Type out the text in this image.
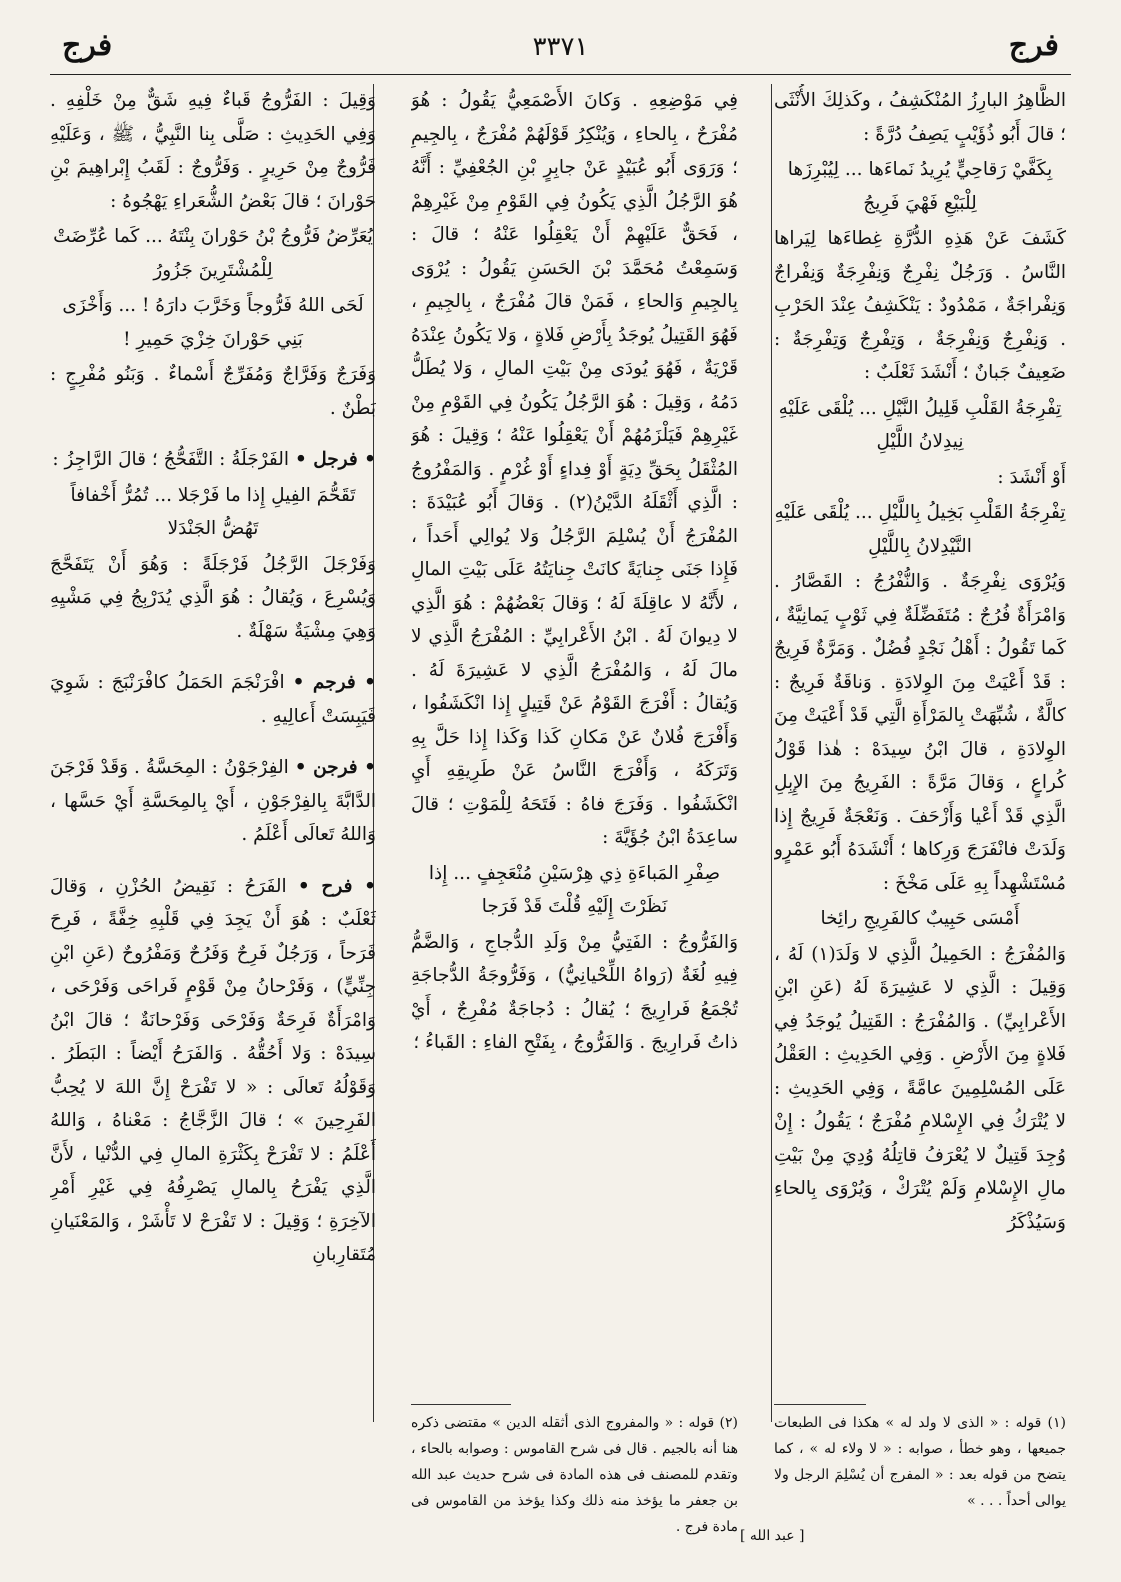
فرج
٣٣٧١
فرج

الظَّاهِرُ البارِزُ المُنْكَشِفُ ، وكَذلِكَ الأُنْثَى ؛ قالَ أَبُو ذُؤَيْبٍ يَصِفُ دُرَّةً :

بِكَفَّيْ رَقاحِيٍّ يُرِيدُ نَماءَها ... لِيُبْرِزَها لِلْبَيْعِ فَهْيَ فَرِيجُ

كَشَفَ عَنْ هَذِهِ الدُّرَّةِ غِطاءَها لِيَراها النَّاسُ . وَرَجُلٌ نِفْرِجٌ وَنِفْرِجَةٌ وَنِفْراجٌ وَنِفْراجَةٌ ، مَمْدُودٌ : يَنْكَشِفُ عِنْدَ الحَرْبِ . وَنِفْرِجٌ وَنِفْرِجَةٌ ، وَتِفْرِجٌ وَتِفْرِجَةٌ : ضَعِيفٌ جَبانٌ ؛ أَنْشَدَ ثَعْلَبٌ :

تِفْرِجَةُ القَلْبِ قَلِيلُ النَّيْلِ ... يُلْقَى عَلَيْهِ نِيدِلانُ اللَّيْلِ

أَوْ أَنْشَدَ :

تِفْرِجَةُ القَلْبِ بَخِيلُ بِاللَّيْلِ ... يُلْقَى عَلَيْهِ النَّيْدِلانُ بِاللَّيْلِ

وَيُرْوَى نِفْرِجَةٌ . وَالنُّفْرُجُ : القَصَّارُ . وَامْرَأَةٌ فُرُجٌ : مُتَفَضِّلَةٌ فِي ثَوْبٍ يَمانِيَّةٌ ، كَما تَقُولُ : أَهْلُ نَجْدٍ فُضُلٌ . وَمَرَّةٌ فَرِيجٌ : قَدْ أَعْيَتْ مِنَ الوِلادَةِ . وَناقَةٌ فَرِيجٌ : كالَّةٌ ، شُبِّهَتْ بِالمَرْأَةِ الَّتِي قَدْ أَعْيَتْ مِنَ الوِلادَةِ ، قالَ ابْنُ سِيدَهْ : هٰذا قَوْلُ كُراعٍ ، وَقالَ مَرَّةً : الفَرِيجُ مِنَ الإِبِلِ الَّذِي قَدْ أَعْيا وَأَزْحَفَ . وَنَعْجَةٌ فَرِيجٌ إِذا وَلَدَتْ فانْفَرَجَ وَرِكاها ؛ أَنْشَدَهُ أَبُو عَمْرٍو مُسْتَشْهِداً بِهِ عَلَى مَخْخَ :

أَمْسَى حَبِيبٌ كالفَرِيجِ رائِخا

وَالمُفْرَجُ : الحَمِيلُ الَّذِي لا وَلَدَ(١) لَهُ ، وَقِيلَ : الَّذِي لا عَشِيرَةَ لَهُ (عَنِ ابْنِ الأَعْرابِيِّ) . وَالمُفْرَجُ : القَتِيلُ يُوجَدُ فِي فَلاةٍ مِنَ الأَرْضِ . وَفِي الحَدِيثِ : العَقْلُ عَلَى المُسْلِمِينَ عامَّةً ، وَفِي الحَدِيثِ : لا يُتْرَكُ فِي الإِسْلامِ مُفْرَجٌ ؛ يَقُولُ : إِنْ وُجِدَ قَتِيلٌ لا يُعْرَفُ قاتِلُهُ وُدِيَ مِنْ بَيْتِ مالِ الإِسْلامِ وَلَمْ يُتْرَكْ ، وَيُرْوَى بِالحاءِ وَسَيُذْكَرُ

فِي مَوْضِعِهِ . وَكانَ الأَصْمَعِيُّ يَقُولُ : هُوَ مُفْرَحٌ ، بِالحاءِ ، وَيُنْكِرُ قَوْلَهُمْ مُفْرَجٌ ، بِالجِيمِ ؛ وَرَوَى أَبُو عُبَيْدٍ عَنْ جابِرٍ بْنِ الجُعْفِيِّ : أَنَّهُ هُوَ الرَّجُلُ الَّذِي يَكُونُ فِي القَوْمِ مِنْ غَيْرِهِمْ ، فَحَقٌّ عَلَيْهِمْ أَنْ يَعْقِلُوا عَنْهُ ؛ قالَ : وَسَمِعْتُ مُحَمَّدَ بْنَ الحَسَنِ يَقُولُ : يُرْوَى بِالجِيمِ وَالحاءِ ، فَمَنْ قالَ مُفْرَجٌ ، بِالجِيمِ ، فَهُوَ القَتِيلُ يُوجَدُ بِأَرْضِ فَلاةٍ ، وَلا يَكُونُ عِنْدَهُ قَرْيَةٌ ، فَهُوَ يُودَى مِنْ بَيْتِ المالِ ، وَلا يُطَلُّ دَمُهُ ، وَقِيلَ : هُوَ الرَّجُلُ يَكُونُ فِي القَوْمِ مِنْ غَيْرِهِمْ فَيَلْزَمُهُمْ أَنْ يَعْقِلُوا عَنْهُ ؛ وَقِيلَ : هُوَ المُثْقَلُ بِحَقِّ دِيَةٍ أَوْ فِداءٍ أَوْ غُرْمٍ . وَالمَفْرُوجُ : الَّذِي أَثْقَلَهُ الدَّيْنُ(٢) . وَقالَ أَبُو عُبَيْدَةَ : المُفْرَجُ أَنْ يُسْلِمَ الرَّجُلُ وَلا يُوالِي أَحَداً ، فَإِذا جَنَى جِنايَةً كانَتْ جِنايَتُهُ عَلَى بَيْتِ المالِ ، لأَنَّهُ لا عاقِلَةَ لَهُ ؛ وَقالَ بَعْضُهُمْ : هُوَ الَّذِي لا دِيوانَ لَهُ . ابْنُ الأَعْرابِيِّ : المُفْرَجُ الَّذِي لا مالَ لَهُ ، وَالمُفْرَجُ الَّذِي لا عَشِيرَةَ لَهُ . وَيُقالُ : أَفْرَجَ القَوْمُ عَنْ قَتِيلٍ إِذا انْكَشَفُوا ، وَأَفْرَجَ فُلانٌ عَنْ مَكانِ كَذا وَكَذا إِذا حَلَّ بِهِ وَتَرَكَهُ ، وَأَفْرَجَ النَّاسُ عَنْ طَرِيقِهِ أَيِ انْكَشَفُوا . وَفَرَجَ فاهُ : فَتَحَهُ لِلْمَوْتِ ؛ قالَ ساعِدَةُ ابْنُ جُؤَيَّةَ :

صِفْرِ المَباءَةِ ذِي هِرْسَيْنِ مُنْعَجِفٍ ... إِذا نَظَرْتَ إِلَيْهِ قُلْتَ قَدْ فَرَجا

وَالفَرُّوجُ : الفَتِيُّ مِنْ وَلَدِ الدُّجاجِ ، وَالضَّمُّ فِيهِ لُغَةٌ (رَواهُ اللِّحْيانِيُّ) ، وَفَرُّوجَةُ الدُّجاجَةِ تُجْمَعُ فَرارِيجَ ؛ يُقالُ : دُجاجَةٌ مُفْرِجٌ ، أَيْ ذاتُ فَرارِيجَ . وَالفَرُّوجُ ، بِفَتْحِ الفاءِ : القَباءُ ؛

وَقِيلَ : الفَرُّوجُ قَباءٌ فِيهِ شَقٌّ مِنْ خَلْفِهِ . وَفِي الحَدِيثِ : صَلَّى بِنا النَّبِيُّ ، ﷺ ، وَعَلَيْهِ فَرُّوجٌ مِنْ حَرِيرٍ . وَفَرُّوجٌ : لَقَبُ إِبْراهِيمَ بْنِ حَوْرانَ ؛ قالَ بَعْضُ الشُّعَراءِ يَهْجُوهُ :

يُعَرِّضُ فَرُّوجُ بْنُ حَوْرانَ بِنْتَهُ ... كَما عُرِّضَتْ لِلْمُشْتَرِينَ جَزُورُ

لَحَى اللهُ فَرُّوجاً وَخَرَّبَ دارَهُ ! ... وَأَخْزَى بَنِي حَوْرانَ خِزْيَ حَمِيرِ !

وَفَرَجٌ وَفَرَّاجٌ وَمُفَرِّجٌ أَسْماءٌ . وَبَنُو مُفْرِجٍ : بَطْنٌ .

• فرجل • الفَرْجَلَةُ : التَّفَحُّجُ ؛ قالَ الرَّاجِزُ :

تَقَحُّمَ الفِيلِ إِذا ما فَرْجَلا ... تُمُرُّ أَخْفافاً تَهُضُّ الجَنْدَلا

وَفَرْجَلَ الرَّجُلُ فَرْجَلَةً : وَهُوَ أَنْ يَتَفَحَّجَ وَيُسْرِعَ ، وَيُقالُ : هُوَ الَّذِي يُدَرْبِجُ فِي مَشْيِهِ وَهِيَ مِشْيَةٌ سَهْلَةٌ .

• فرجم • افْرَنْجَمَ الحَمَلُ كافْرَنْبَجَ : شَوِيَ فَيَبِسَتْ أَعالِيهِ .

• فرجن • الفِرْجَوْنُ : المِحَسَّةُ . وَقَدْ فَرْجَنَ الدَّابَّةَ بِالفِرْجَوْنِ ، أَيْ بِالمِحَسَّةِ أَيْ حَسَّها ، وَاللهُ تَعالَى أَعْلَمُ .

• فرح • الفَرَحُ : نَقِيضُ الحُزْنِ ، وَقالَ ثَعْلَبٌ : هُوَ أَنْ يَجِدَ فِي قَلْبِهِ خِفَّةً ، فَرِحَ فَرَحاً ، وَرَجُلٌ فَرِحٌ وَفَرُحٌ وَمَفْرُوحٌ (عَنِ ابْنِ جِنِّيٍّ) ، وَفَرْحانُ مِنْ قَوْمٍ فَراحَى وَفَرْحَى ، وَامْرَأَةٌ فَرِحَةٌ وَفَرْحَى وَفَرْحانَةٌ ؛ قالَ ابْنُ سِيدَهْ : وَلا أَحُقُّهُ . وَالفَرَحُ أَيْضاً : البَطَرُ . وَقَوْلُهُ تَعالَى : « لا تَفْرَحْ إِنَّ اللهَ لا يُحِبُّ الفَرِحِينَ » ؛ قالَ الزَّجَّاجُ : مَعْناهُ ، وَاللهُ أَعْلَمُ : لا تَفْرَحْ بِكَثْرَةِ المالِ فِي الدُّنْيا ، لأَنَّ الَّذِي يَفْرَحُ بِالمالِ يَصْرِفُهُ فِي غَيْرِ أَمْرِ الآخِرَةِ ؛ وَقِيلَ : لا تَفْرَحْ لا تَأْشَرْ ، وَالمَعْنَيانِ مُتَقارِبانِ

(١) قوله : « الذى لا ولد له » هكذا فى الطبعات جميعها ، وهو خطأ ، صوابه : « لا ولاء له » ، كما يتضح من قوله بعد : « المفرج أن يُسْلِمَ الرجل ولا يوالى أحداً . . . »
(٢) قوله : « والمفروج الذى أثقله الدين » مقتضى ذكره هنا أنه بالجيم . قال فى شرح القاموس : وصوابه بالحاء ، وتقدم للمصنف فى هذه المادة فى شرح حديث عبد الله بن جعفر ما يؤخذ منه ذلك وكذا يؤخذ من القاموس فى مادة فرج .
[ عبد الله ]
